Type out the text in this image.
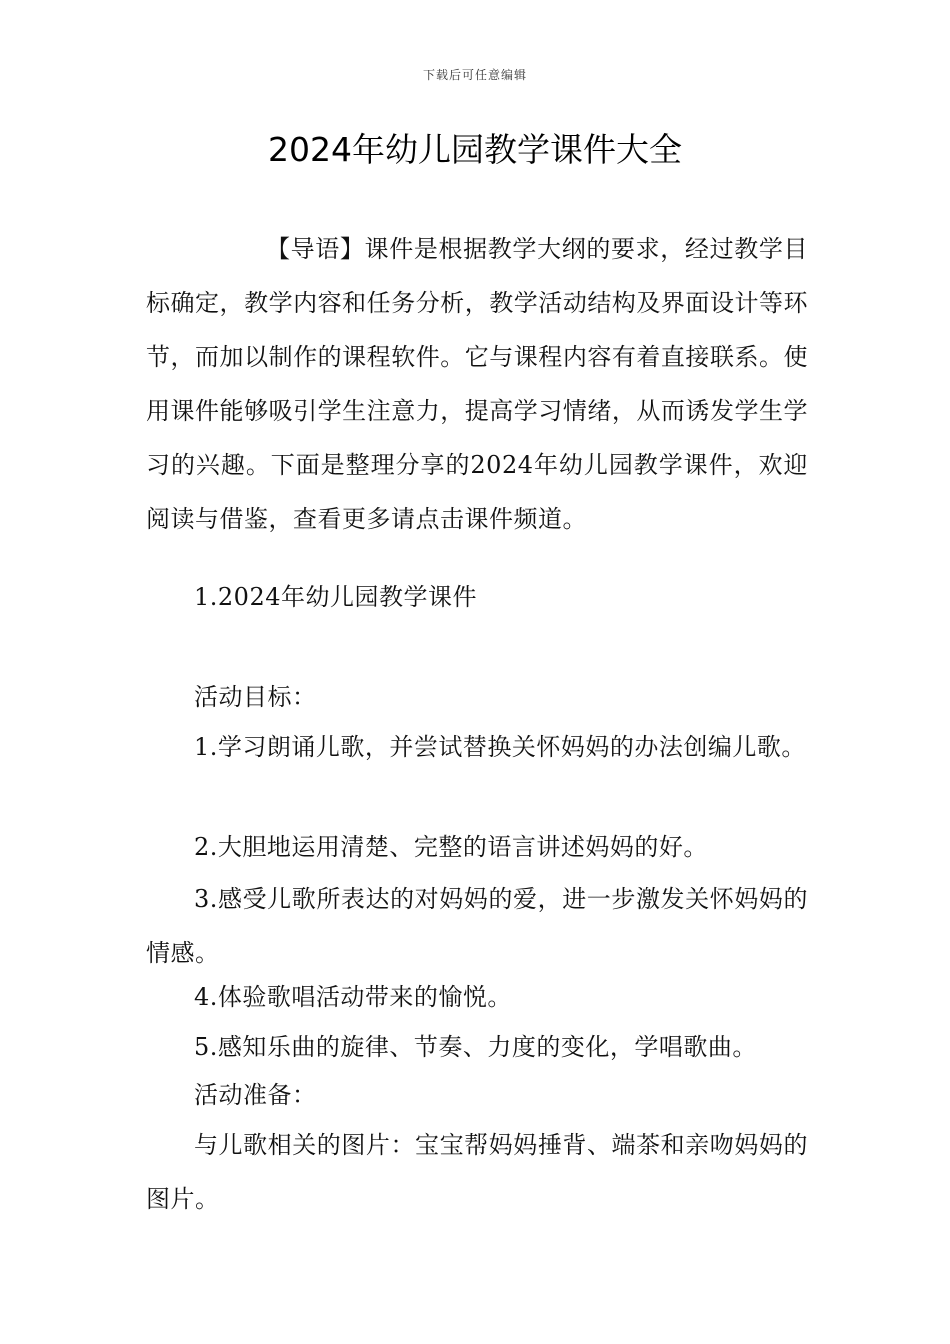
下载后可任意编辑
2024年幼儿园教学课件大全

【导语】课件是根据教学大纲的要求，经过教学目标确定，教学内容和任务分析，教学活动结构及界面设计等环节，而加以制作的课程软件。它与课程内容有着直接联系。使用课件能够吸引学生注意力，提高学习情绪，从而诱发学生学习的兴趣。下面是整理分享的2024年幼儿园教学课件，欢迎阅读与借鉴，查看更多请点击课件频道。

1.2024年幼儿园教学课件

活动目标：

1.学习朗诵儿歌，并尝试替换关怀妈妈的办法创编儿歌。

2.大胆地运用清楚、完整的语言讲述妈妈的好。

3.感受儿歌所表达的对妈妈的爱，进一步激发关怀妈妈的情感。

4.体验歌唱活动带来的愉悦。

5.感知乐曲的旋律、节奏、力度的变化，学唱歌曲。

活动准备：

与儿歌相关的图片：宝宝帮妈妈捶背、端茶和亲吻妈妈的图片。
